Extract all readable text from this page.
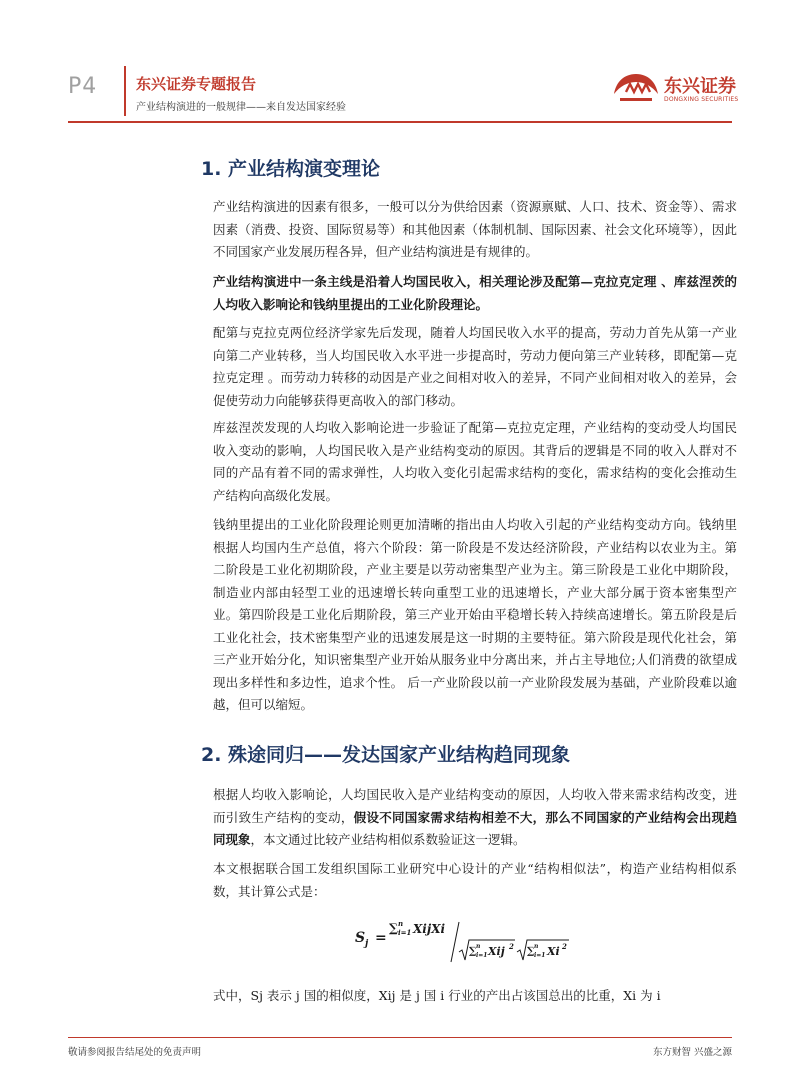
P4	东兴证券专题报告
产业结构演进的一般规律——来自发达国家经验
东兴证券
DONGXING SECURITIES
1. 产业结构演变理论

产业结构演进的因素有很多，一般可以分为供给因素（资源禀赋、人口、技术、资金等）、需求因素（消费、投资、国际贸易等）和其他因素（体制机制、国际因素、社会文化环境等），因此不同国家产业发展历程各异，但产业结构演进是有规律的。

产业结构演进中一条主线是沿着人均国民收入，相关理论涉及配第—克拉克定理 、库兹涅茨的人均收入影响论和钱纳里提出的工业化阶段理论。

配第与克拉克两位经济学家先后发现，随着人均国民收入水平的提高，劳动力首先从第一产业向第二产业转移，当人均国民收入水平进一步提高时，劳动力便向第三产业转移，即配第—克拉克定理 。而劳动力转移的动因是产业之间相对收入的差异，不同产业间相对收入的差异，会促使劳动力向能够获得更高收入的部门移动。

库兹涅茨发现的人均收入影响论进一步验证了配第—克拉克定理，产业结构的变动受人均国民收入变动的影响，人均国民收入是产业结构变动的原因。其背后的逻辑是不同的收入人群对不同的产品有着不同的需求弹性，人均收入变化引起需求结构的变化，需求结构的变化会推动生产结构向高级化发展。

钱纳里提出的工业化阶段理论则更加清晰的指出由人均收入引起的产业结构变动方向。钱纳里根据人均国内生产总值，将六个阶段：第一阶段是不发达经济阶段，产业结构以农业为主。第二阶段是工业化初期阶段，产业主要是以劳动密集型产业为主。第三阶段是工业化中期阶段，制造业内部由轻型工业的迅速增长转向重型工业的迅速增长，产业大部分属于资本密集型产业。第四阶段是工业化后期阶段，第三产业开始由平稳增长转入持续高速增长。第五阶段是后工业化社会，技术密集型产业的迅速发展是这一时期的主要特征。第六阶段是现代化社会，第三产业开始分化，知识密集型产业开始从服务业中分离出来，并占主导地位;人们消费的欲望成现出多样性和多边性，追求个性。 后一产业阶段以前一产业阶段发展为基础，产业阶段难以逾越，但可以缩短。

2. 殊途同归——发达国家产业结构趋同现象

根据人均收入影响论，人均国民收入是产业结构变动的原因，人均收入带来需求结构改变，进而引致生产结构的变动，假设不同国家需求结构相差不大，那么不同国家的产业结构会出现趋同现象，本文通过比较产业结构相似系数验证这一逻辑。

本文根据联合国工发组织国际工业研究中心设计的产业“结构相似法”，构造产业结构相似系数，其计算公式是：

式中，Sj 表示 j 国的相似度，Xij 是 j 国 i 行业的产出占该国总出的比重，Xi 为 i

S j =
∑ n
i=1 XijXi
∑ n
i=1 Xij 2 ∑ n
i=1 Xi 2
敬请参阅报告结尾处的免责声明	东方财智 兴盛之源
